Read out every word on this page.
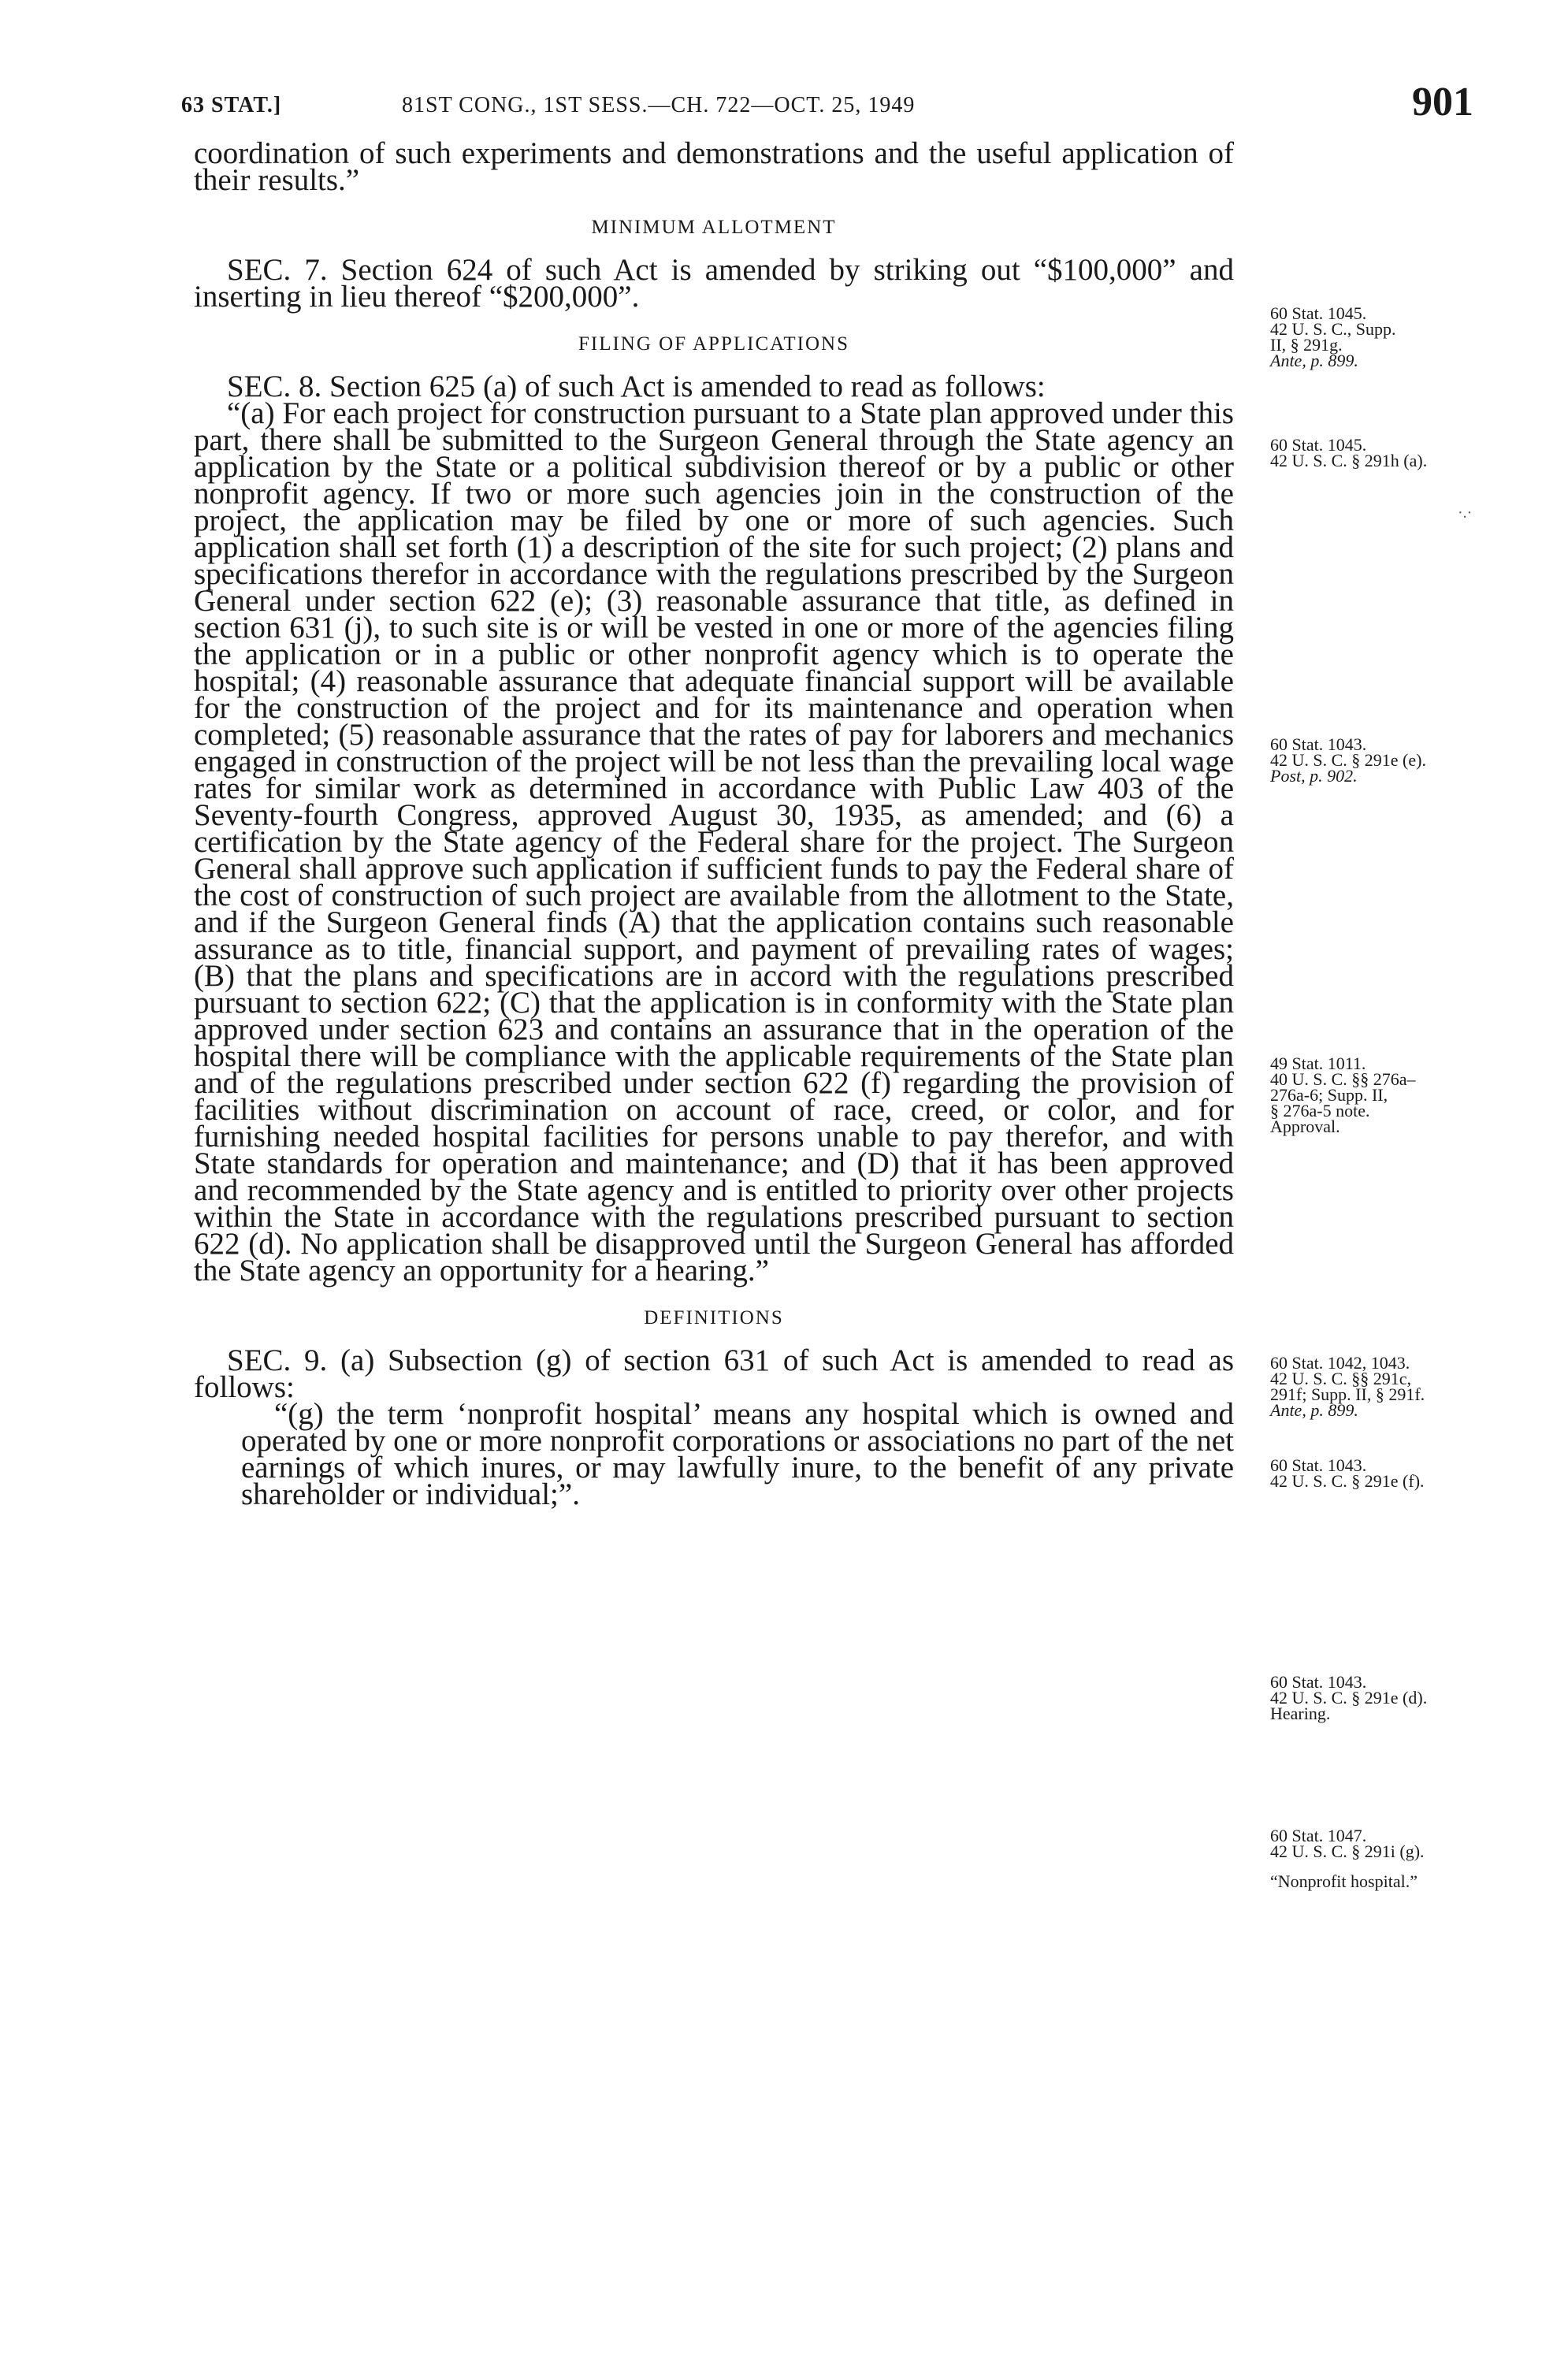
63 STAT.]	81ST CONG., 1ST SESS.—CH. 722—OCT. 25, 1949	901

coordination of such experiments and demonstrations and the useful application of their results.”

MINIMUM ALLOTMENT

SEC. 7. Section 624 of such Act is amended by striking out “$100,000” and inserting in lieu thereof “$200,000”.

FILING OF APPLICATIONS

SEC. 8. Section 625 (a) of such Act is amended to read as follows:

“(a) For each project for construction pursuant to a State plan approved under this part, there shall be submitted to the Surgeon General through the State agency an application by the State or a political subdivision thereof or by a public or other nonprofit agency. If two or more such agencies join in the construction of the project, the application may be filed by one or more of such agencies. Such application shall set forth (1) a description of the site for such project; (2) plans and specifications therefor in accordance with the regulations prescribed by the Surgeon General under section 622 (e); (3) reasonable assurance that title, as defined in section 631 (j), to such site is or will be vested in one or more of the agencies filing the application or in a public or other nonprofit agency which is to operate the hospital; (4) reasonable assurance that adequate financial support will be available for the construction of the project and for its maintenance and operation when completed; (5) reasonable assurance that the rates of pay for laborers and mechanics engaged in construction of the project will be not less than the prevailing local wage rates for similar work as determined in accordance with Public Law 403 of the Seventy-fourth Congress, approved August 30, 1935, as amended; and (6) a certification by the State agency of the Federal share for the project. The Surgeon General shall approve such application if sufficient funds to pay the Federal share of the cost of construction of such project are available from the allotment to the State, and if the Surgeon General finds (A) that the application contains such reasonable assurance as to title, financial support, and payment of prevailing rates of wages; (B) that the plans and specifications are in accord with the regulations prescribed pursuant to section 622; (C) that the application is in conformity with the State plan approved under section 623 and contains an assurance that in the operation of the hospital there will be compliance with the applicable requirements of the State plan and of the regulations prescribed under section 622 (f) regarding the provision of facilities without discrimination on account of race, creed, or color, and for furnishing needed hospital facilities for persons unable to pay therefor, and with State standards for operation and maintenance; and (D) that it has been approved and recommended by the State agency and is entitled to priority over other projects within the State in accordance with the regulations prescribed pursuant to section 622 (d). No application shall be disapproved until the Surgeon General has afforded the State agency an opportunity for a hearing.”

DEFINITIONS

SEC. 9. (a) Subsection (g) of section 631 of such Act is amended to read as follows:

“(g) the term ‘nonprofit hospital’ means any hospital which is owned and operated by one or more nonprofit corporations or associations no part of the net earnings of which inures, or may lawfully inure, to the benefit of any private shareholder or individual;”.

60 Stat. 1045.
42 U. S. C., Supp.
II, § 291g.
Ante, p. 899.
60 Stat. 1045.
42 U. S. C. § 291h (a).
60 Stat. 1043.
42 U. S. C. § 291e (e).
Post, p. 902.
49 Stat. 1011.
40 U. S. C. §§ 276a–
276a-6; Supp. II,
§ 276a-5 note.
Approval.
60 Stat. 1042, 1043.
42 U. S. C. §§ 291c,
291f; Supp. II, § 291f.
Ante, p. 899.
60 Stat. 1043.
42 U. S. C. § 291e (f).
60 Stat. 1043.
42 U. S. C. § 291e (d).
Hearing.
60 Stat. 1047.
42 U. S. C. § 291i (g).
“Nonprofit hospital.”
·.·
